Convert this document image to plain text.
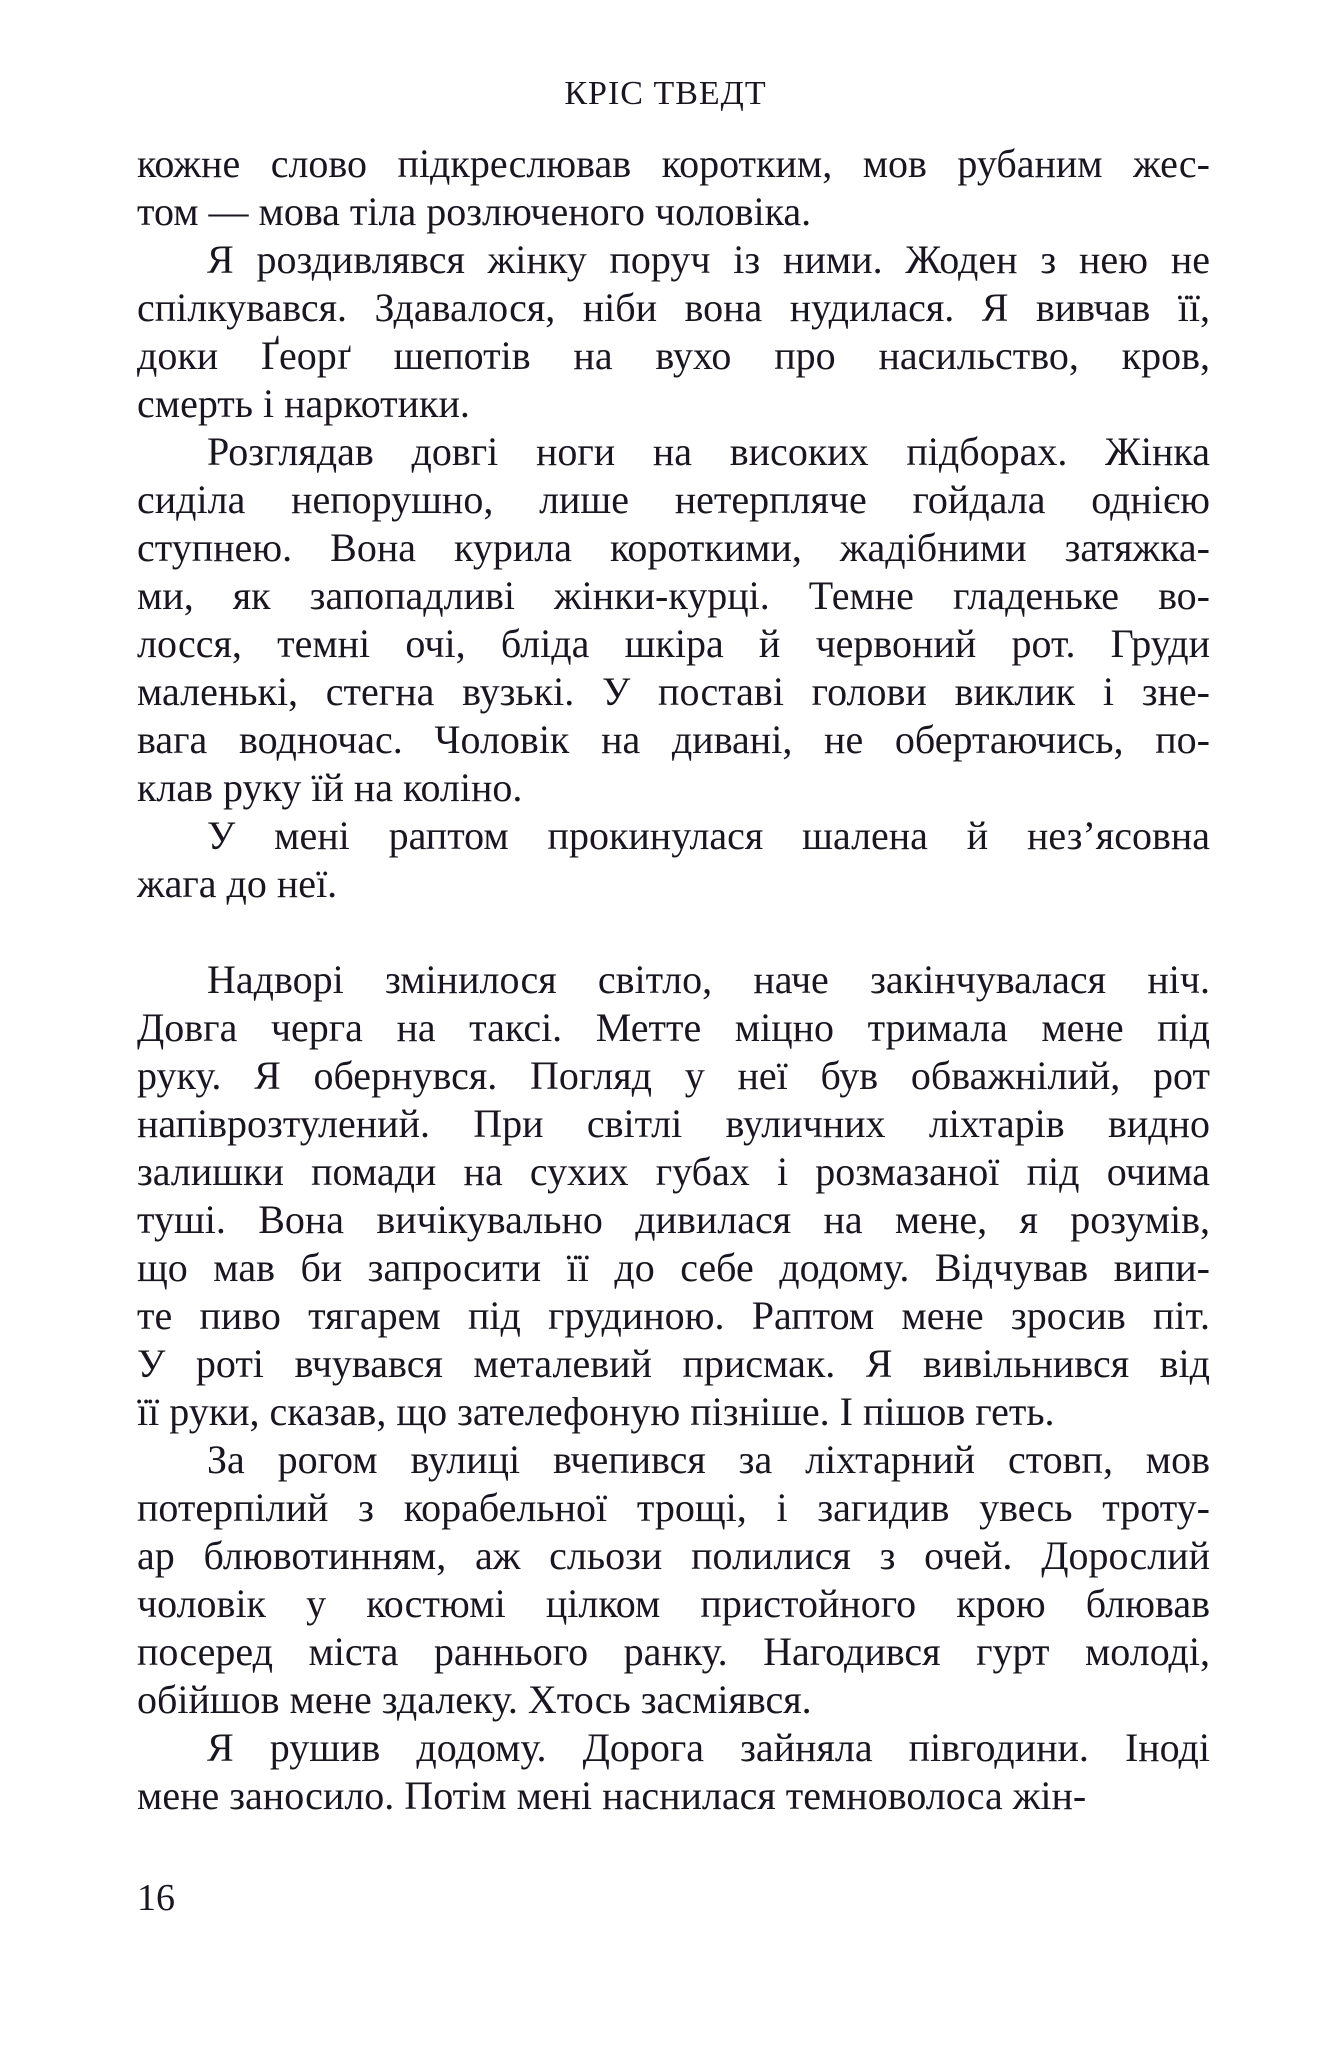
КРІС ТВЕДТ
кожне слово підкреслював коротким, мов рубаним жес-
том — мова тіла розлюченого чоловіка.
Я роздивлявся жінку поруч із ними. Жоден з нею не
спілкувався. Здавалося, ніби вона нудилася. Я вивчав її,
доки Ґеорґ шепотів на вухо про насильство, кров,
смерть і наркотики.
Розглядав довгі ноги на високих підборах. Жінка
сиділа непорушно, лише нетерпляче гойдала однією
ступнею. Вона курила короткими, жадібними затяжка-
ми, як запопадливі жінки-курці. Темне гладеньке во-
лосся, темні очі, бліда шкіра й червоний рот. Груди
маленькі, стегна вузькі. У поставі голови виклик і зне-
вага водночас. Чоловік на дивані, не обертаючись, по-
клав руку їй на коліно.
У мені раптом прокинулася шалена й нез’ясовна
жага до неї.
Надворі змінилося світло, наче закінчувалася ніч.
Довга черга на таксі. Метте міцно тримала мене під
руку. Я обернувся. Погляд у неї був обважнілий, рот
напіврозтулений. При світлі вуличних ліхтарів видно
залишки помади на сухих губах і розмазаної під очима
туші. Вона вичікувально дивилася на мене, я розумів,
що мав би запросити її до себе додому. Відчував випи-
те пиво тягарем під грудиною. Раптом мене зросив піт.
У роті вчувався металевий присмак. Я вивільнився від
її руки, сказав, що зателефоную пізніше. І пішов геть.
За рогом вулиці вчепився за ліхтарний стовп, мов
потерпілий з корабельної трощі, і загидив увесь троту-
ар блювотинням, аж сльози полилися з очей. Дорослий
чоловік у костюмі цілком пристойного крою блював
посеред міста раннього ранку. Нагодився гурт молоді,
обійшов мене здалеку. Хтось засміявся.
Я рушив додому. Дорога зайняла півгодини. Іноді
мене заносило. Потім мені наснилася темноволоса жін-
16
